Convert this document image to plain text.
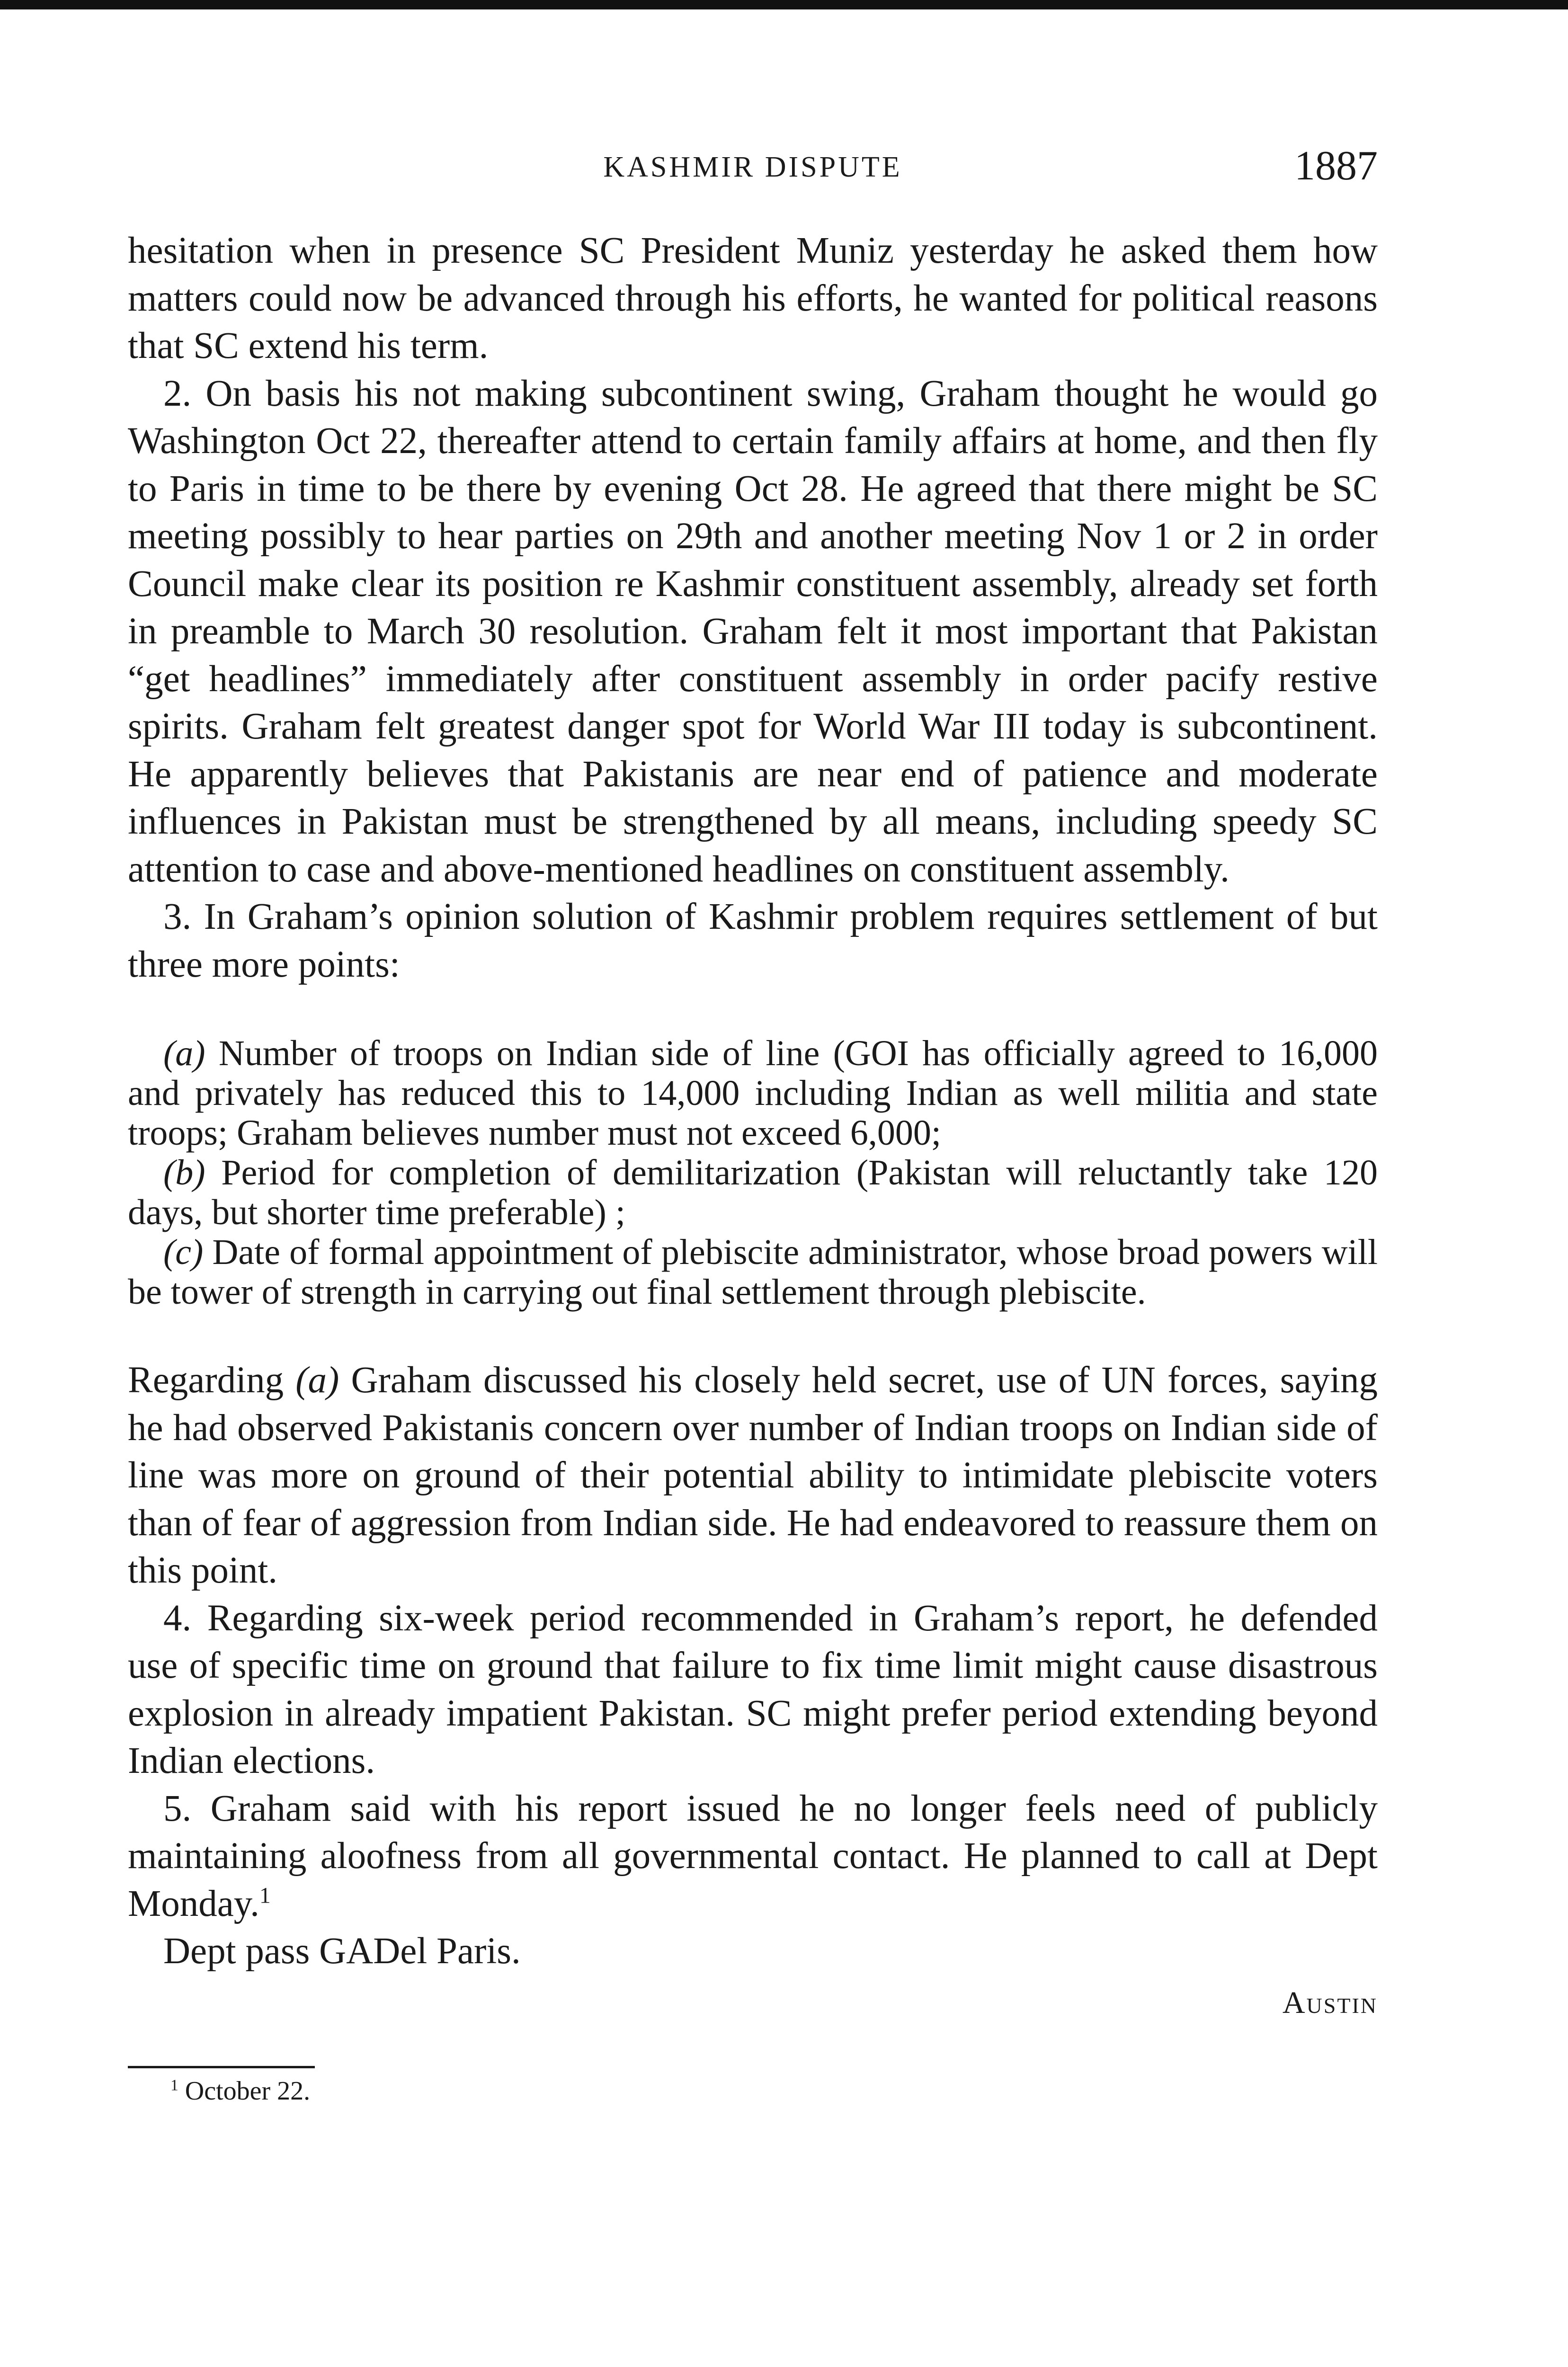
KASHMIR DISPUTE	1887

hesitation when in presence SC President Muniz yesterday he asked them how matters could now be advanced through his efforts, he wanted for political reasons that SC extend his term.

2. On basis his not making subcontinent swing, Graham thought he would go Washington Oct 22, thereafter attend to certain family affairs at home, and then fly to Paris in time to be there by evening Oct 28. He agreed that there might be SC meeting possibly to hear parties on 29th and another meeting Nov 1 or 2 in order Council make clear its position re Kashmir constituent assembly, already set forth in preamble to March 30 resolution. Graham felt it most important that Pakistan “get headlines” immediately after constituent assembly in order pacify restive spirits. Graham felt greatest danger spot for World War III today is subcontinent. He apparently believes that Pakistanis are near end of patience and moderate influences in Pakistan must be strengthened by all means, including speedy SC attention to case and above-mentioned headlines on constituent assembly.

3. In Graham’s opinion solution of Kashmir problem requires settlement of but three more points:

(a) Number of troops on Indian side of line (GOI has officially agreed to 16,000 and privately has reduced this to 14,000 including Indian as well militia and state troops; Graham believes number must not exceed 6,000;

(b) Period for completion of demilitarization (Pakistan will reluctantly take 120 days, but shorter time preferable) ;

(c) Date of formal appointment of plebiscite administrator, whose broad powers will be tower of strength in carrying out final settlement through plebiscite.

Regarding (a) Graham discussed his closely held secret, use of UN forces, saying he had observed Pakistanis concern over number of Indian troops on Indian side of line was more on ground of their potential ability to intimidate plebiscite voters than of fear of aggression from Indian side. He had endeavored to reassure them on this point.

4. Regarding six-week period recommended in Graham’s report, he defended use of specific time on ground that failure to fix time limit might cause disastrous explosion in already impatient Pakistan. SC might prefer period extending beyond Indian elections.

5. Graham said with his report issued he no longer feels need of publicly maintaining aloofness from all governmental contact. He planned to call at Dept Monday.$^1$

Dept pass GADel Paris.

Austin

$^1$ October 22.
